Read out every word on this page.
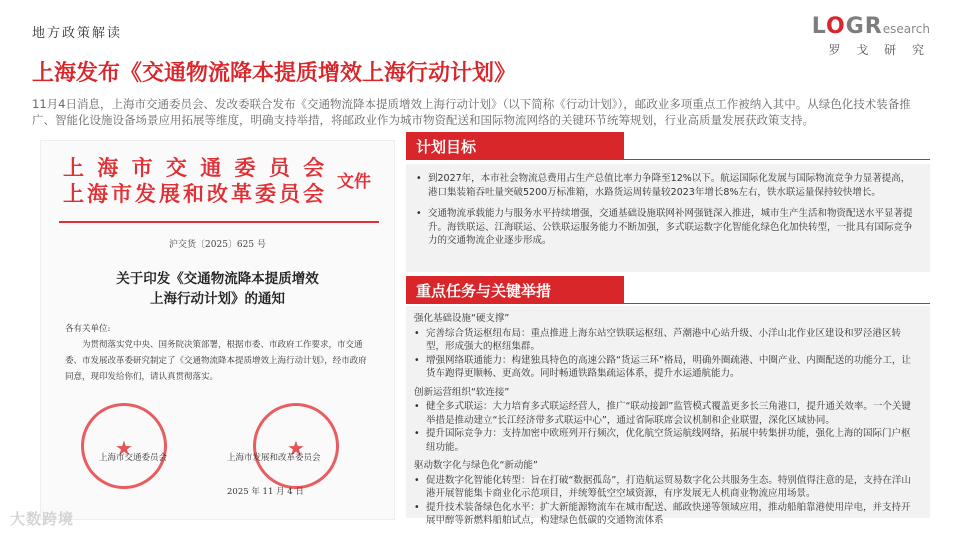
地方政策解读	LOGResearch
罗 戈 研 究
上海发布《交通物流降本提质增效上海行动计划》
11月4日消息，上海市交通委员会、发改委联合发布《交通物流降本提质增效上海行动计划》（以下简称《行动计划》），邮政业多项重点工作被纳入其中。从绿色化技术装备推广、智能化设施设备场景应用拓展等维度，明确支持举措，将邮政业作为城市物资配送和国际物流网络的关键环节统筹规划，行业高质量发展获政策支持。
上 海 市 交 通 委 员 会
上海市发展和改革委员会 文件
沪交货〔2025〕625 号
关于印发《交通物流降本提质增效
上海行动计划》的通知
各有关单位:
为贯彻落实党中央、国务院决策部署，根据市委、市政府工作要求，市交通委、市发展改革委研究制定了《交通物流降本提质增效上海行动计划》，经市政府同意，现印发给你们，请认真贯彻落实。
★	★
上海市交通委员会	上海市发展和改革委员会
2025 年 11 月 4 日
计划目标
• 到2027年，本市社会物流总费用占生产总值比率力争降至12%以下。航运国际化发展与国际物流竞争力显著提高，港口集装箱吞吐量突破5200万标准箱，水路货运周转量较2023年增长8%左右，铁水联运量保持较快增长。
• 交通物流承载能力与服务水平持续增强，交通基础设施联网补网强链深入推进，城市生产生活和物资配送水平显著提升。海铁联运、江海联运、公铁联运服务能力不断加强，多式联运数字化智能化绿色化加快转型，一批具有国际竞争力的交通物流企业逐步形成。
重点任务与关键举措
强化基础设施“硬支撑”
• 完善综合货运枢纽布局：重点推进上海东站空铁联运枢纽、芦潮港中心站升级、小洋山北作业区建设和罗泾港区转型，形成强大的枢纽集群。
• 增强网络联通能力：构建独具特色的高速公路“货运三环”格局，明确外圈疏港、中圈产业、内圈配送的功能分工，让货车跑得更顺畅、更高效。同时畅通铁路集疏运体系，提升水运通航能力。
创新运营组织“软连接”
• 健全多式联运：大力培育多式联运经营人，推广“联动接卸”监管模式覆盖更多长三角港口，提升通关效率。一个关键举措是推动建立“长江经济带多式联运中心”，通过省际联席会议机制和企业联盟，深化区域协同。
• 提升国际竞争力：支持加密中欧班列开行频次，优化航空货运航线网络，拓展中转集拼功能，强化上海的国际门户枢纽功能。
驱动数字化与绿色化“新动能”
• 促进数字化智能化转型：旨在打破“数据孤岛”，打造航运贸易数字化公共服务生态。特别值得注意的是，支持在洋山港开展智能集卡商业化示范项目，并统筹低空空域资源，有序发展无人机商业物流应用场景。
• 提升技术装备绿色化水平：扩大新能源物流车在城市配送、邮政快递等领域应用，推动船舶靠港使用岸电，并支持开展甲醇等新燃料船舶试点，构建绿色低碳的交通物流体系
大数跨境
